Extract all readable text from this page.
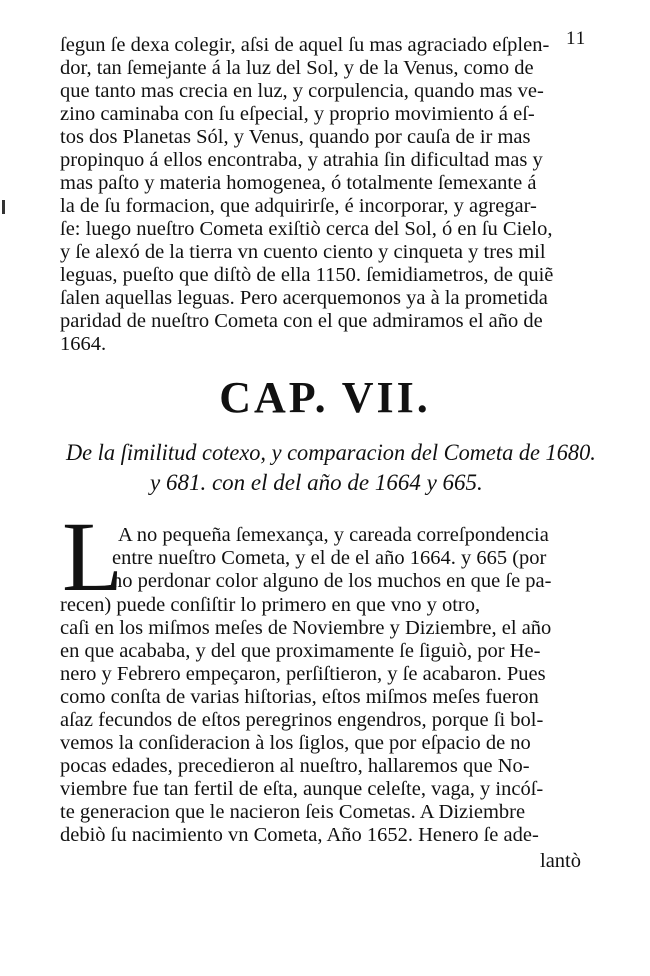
11
ſegun ſe dexa colegir, aſsi de aquel ſu mas agraciado eſplen-
dor, tan ſemejante á la luz del Sol, y de la Venus, como de
que tanto mas crecia en luz, y corpulencia, quando mas ve-
zino caminaba con ſu eſpecial, y proprio movimiento á eſ-
tos dos Planetas Sól, y Venus, quando por cauſa de ir mas
propinquo á ellos encontraba, y atrahia ſin dificultad mas y
mas paſto y materia homogenea, ó totalmente ſemexante á
la de ſu formacion, que adquirirſe, é incorporar, y agregar-
ſe: luego nueſtro Cometa exiſtiò cerca del Sol, ó en ſu Cielo,
y ſe alexó de la tierra vn cuento ciento y cinqueta y tres mil
leguas, pueſto que diſtò de ella 1150. ſemidiametros, de quiẽ
ſalen aquellas leguas. Pero acerquemonos ya à la prometida
paridad de nueſtro Cometa con el que admiramos el año de
1664.
CAP. VII.
De la ſimilitud cotexo, y comparacion del Cometa de 1680.
y 681. con el del año de 1664 y 665.
L
A no pequeña ſemexança, y careada correſpondencia
entre nueſtro Cometa, y el de el año 1664. y 665 (por
no perdonar color alguno de los muchos en que ſe pa-
recen) puede conſiſtir lo primero en que vno y otro,
caſi en los miſmos meſes de Noviembre y Diziembre, el año
en que acababa, y del que proximamente ſe ſiguiò, por He-
nero y Febrero empeçaron, perſiſtieron, y ſe acabaron. Pues
como conſta de varias hiſtorias, eſtos miſmos meſes fueron
aſaz fecundos de eſtos peregrinos engendros, porque ſi bol-
vemos la conſideracion à los ſiglos, que por eſpacio de no
pocas edades, precedieron al nueſtro, hallaremos que No-
viembre fue tan fertil de eſta, aunque celeſte, vaga, y incóſ-
te generacion que le nacieron ſeis Cometas. A Diziembre
debiò ſu nacimiento vn Cometa, Año 1652. Henero ſe ade-
lantò
